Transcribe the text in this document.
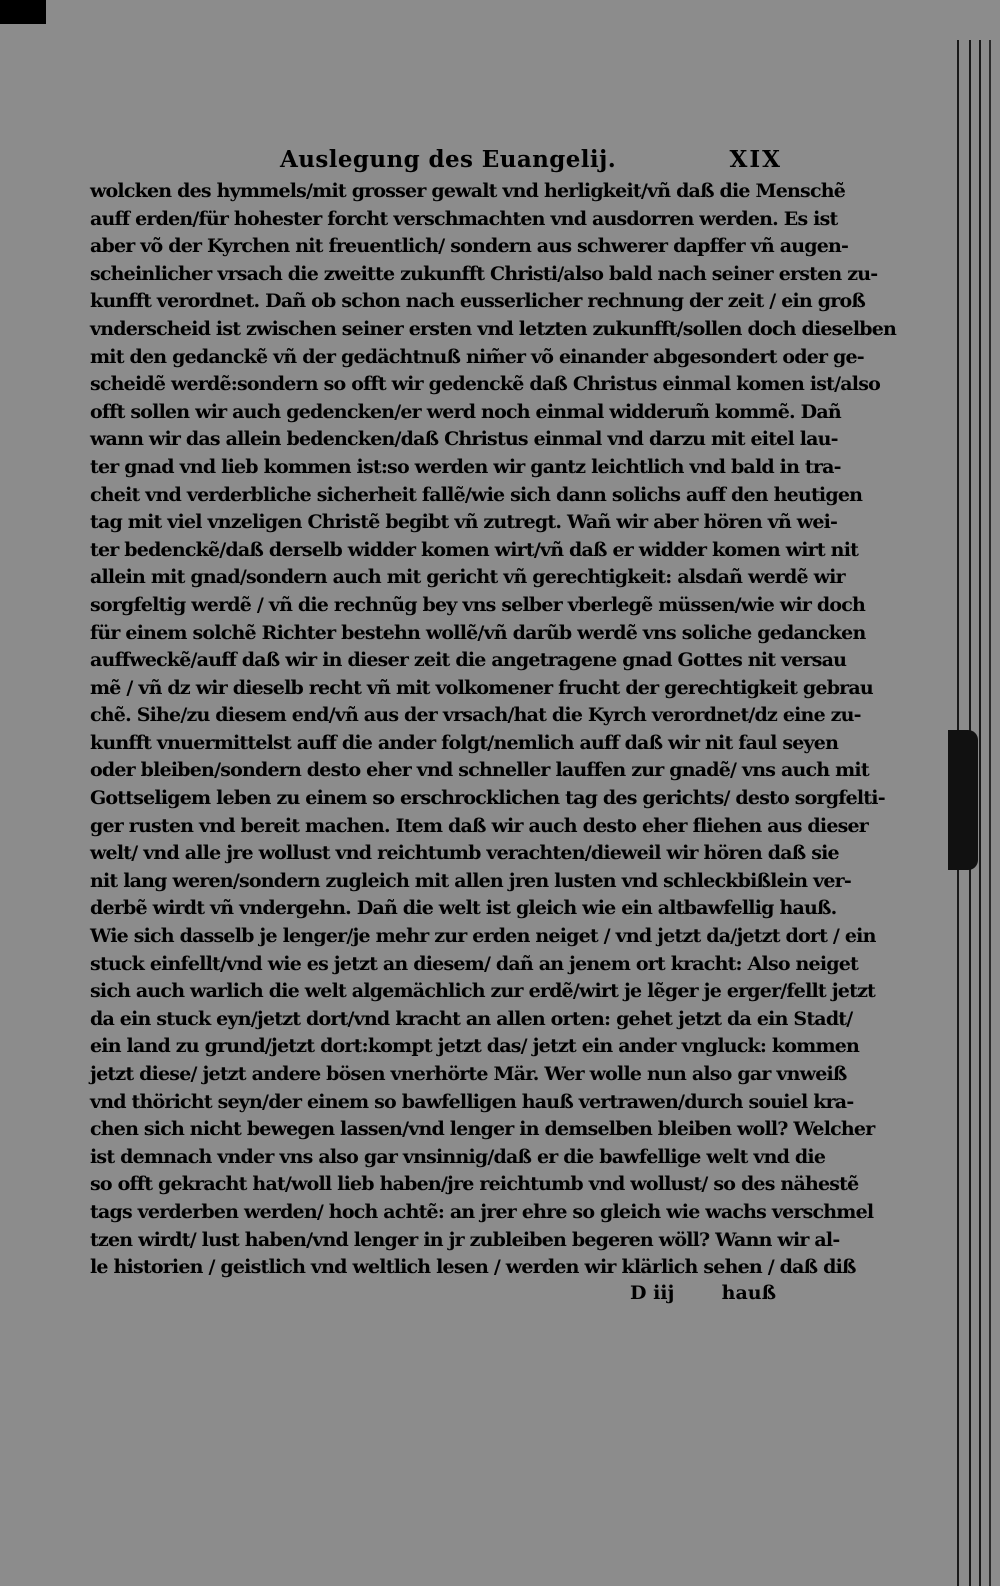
Auslegung des Euangelij.	XIX
wolcken des hymmels/mit grosser gewalt vnd herligkeit/vñ daß die Menschẽ
auff erden/für hohester forcht verschmachten vnd ausdorren werden. Es ist
aber võ der Kyrchen nit freuentlich/ sondern aus schwerer dapffer vñ augen-
scheinlicher vrsach die zweitte zukunfft Christi/also bald nach seiner ersten zu-
kunfft verordnet. Dañ ob schon nach eusserlicher rechnung der zeit / ein groß
vnderscheid ist zwischen seiner ersten vnd letzten zukunfft/sollen doch dieselben
mit den gedanckẽ vñ der gedächtnuß nim̃er võ einander abgesondert oder ge-
scheidẽ werdẽ:sondern so offt wir gedenckẽ daß Christus einmal komen ist/also
offt sollen wir auch gedencken/er werd noch einmal widderum̃ kommẽ. Dañ
wann wir das allein bedencken/daß Christus einmal vnd darzu mit eitel lau-
ter gnad vnd lieb kommen ist:so werden wir gantz leichtlich vnd bald in tra-
cheit vnd verderbliche sicherheit fallẽ/wie sich dann solichs auff den heutigen
tag mit viel vnzeligen Christẽ begibt vñ zutregt. Wañ wir aber hören vñ wei-
ter bedenckẽ/daß derselb widder komen wirt/vñ daß er widder komen wirt nit
allein mit gnad/sondern auch mit gericht vñ gerechtigkeit: alsdañ werdẽ wir
sorgfeltig werdẽ / vñ die rechnũg bey vns selber vberlegẽ müssen/wie wir doch
für einem solchẽ Richter bestehn wollẽ/vñ darũb werdẽ vns soliche gedancken
auffweckẽ/auff daß wir in dieser zeit die angetragene gnad Gottes nit versau
mẽ / vñ dz wir dieselb recht vñ mit volkomener frucht der gerechtigkeit gebrau
chẽ. Sihe/zu diesem end/vñ aus der vrsach/hat die Kyrch verordnet/dz eine zu-
kunfft vnuermittelst auff die ander folgt/nemlich auff daß wir nit faul seyen
oder bleiben/sondern desto eher vnd schneller lauffen zur gnadẽ/ vns auch mit
Gottseligem leben zu einem so erschrocklichen tag des gerichts/ desto sorgfelti-
ger rusten vnd bereit machen. Item daß wir auch desto eher fliehen aus dieser
welt/ vnd alle jre wollust vnd reichtumb verachten/dieweil wir hören daß sie
nit lang weren/sondern zugleich mit allen jren lusten vnd schleckbißlein ver-
derbẽ wirdt vñ vndergehn. Dañ die welt ist gleich wie ein altbawfellig hauß.
Wie sich dasselb je lenger/je mehr zur erden neiget / vnd jetzt da/jetzt dort / ein
stuck einfellt/vnd wie es jetzt an diesem/ dañ an jenem ort kracht: Also neiget
sich auch warlich die welt algemächlich zur erdẽ/wirt je lẽger je erger/fellt jetzt
da ein stuck eyn/jetzt dort/vnd kracht an allen orten: gehet jetzt da ein Stadt/
ein land zu grund/jetzt dort:kompt jetzt das/ jetzt ein ander vngluck: kommen
jetzt diese/ jetzt andere bösen vnerhörte Mär. Wer wolle nun also gar vnweiß
vnd thöricht seyn/der einem so bawfelligen hauß vertrawen/durch souiel kra-
chen sich nicht bewegen lassen/vnd lenger in demselben bleiben woll? Welcher
ist demnach vnder vns also gar vnsinnig/daß er die bawfellige welt vnd die
so offt gekracht hat/woll lieb haben/jre reichtumb vnd wollust/ so des nähestẽ
tags verderben werden/ hoch achtẽ: an jrer ehre so gleich wie wachs verschmel
tzen wirdt/ lust haben/vnd lenger in jr zubleiben begeren wöll? Wann wir al-
le historien / geistlich vnd weltlich lesen / werden wir klärlich sehen / daß diß
D iij hauß
